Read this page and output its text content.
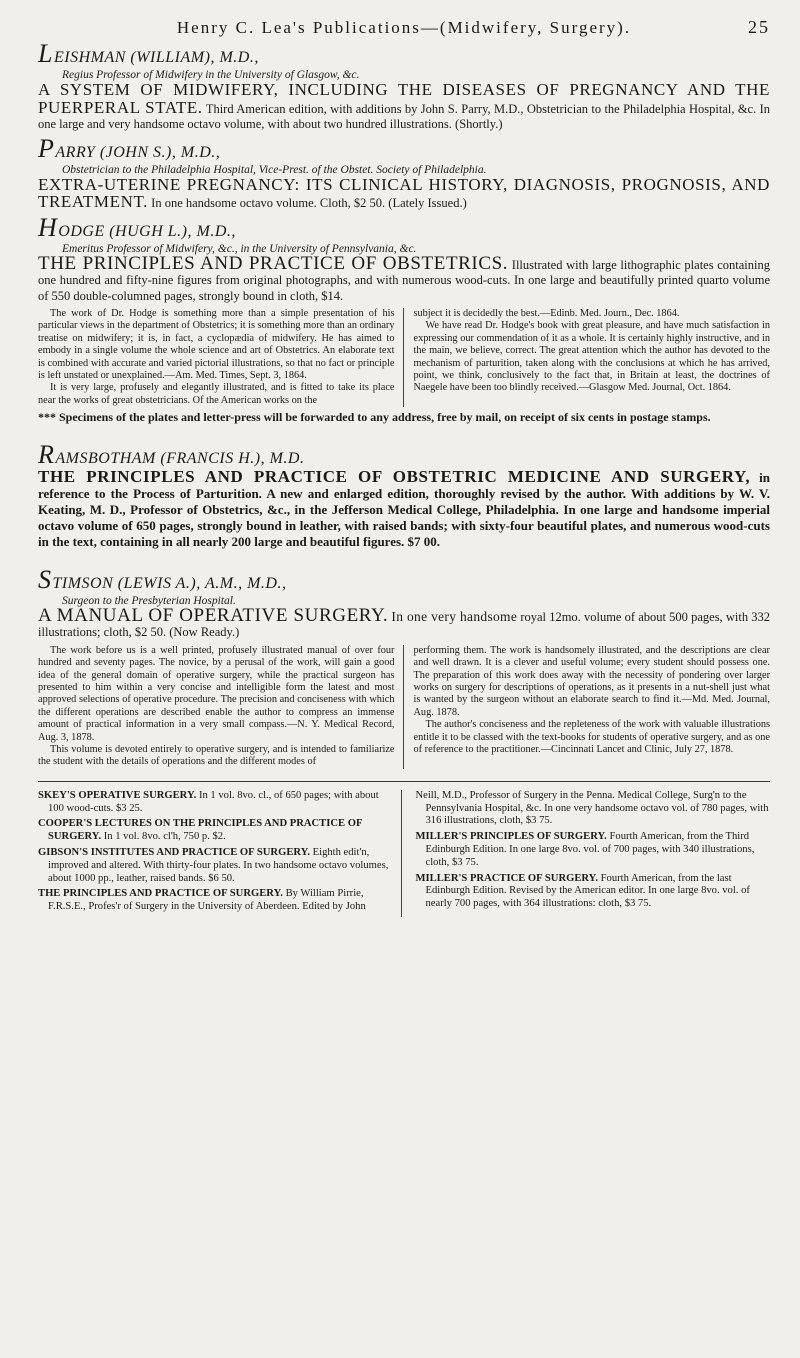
Henry C. Lea's Publications—(Midwifery, Surgery).	25
LEISHMAN (WILLIAM), M.D.,
Regius Professor of Midwifery in the University of Glasgow, &c.
A SYSTEM OF MIDWIFERY, INCLUDING THE DISEASES OF PREGNANCY AND THE PUERPERAL STATE. Third American edition, with additions by John S. Parry, M.D., Obstetrician to the Philadelphia Hospital, &c. In one large and very handsome octavo volume, with about two hundred illustrations. (Shortly.)
PARRY (JOHN S.), M.D.,
Obstetrician to the Philadelphia Hospital, Vice-Prest. of the Obstet. Society of Philadelphia.
EXTRA-UTERINE PREGNANCY: ITS CLINICAL HISTORY, DIAGNOSIS, PROGNOSIS, AND TREATMENT. In one handsome octavo volume. Cloth, $2 50. (Lately Issued.)
HODGE (HUGH L.), M.D.,
Emeritus Professor of Midwifery, &c., in the University of Pennsylvania, &c.
THE PRINCIPLES AND PRACTICE OF OBSTETRICS. Illustrated with large lithographic plates containing one hundred and fifty-nine figures from original photographs, and with numerous wood-cuts. In one large and beautifully printed quarto volume of 550 double-columned pages, strongly bound in cloth, $14.

The work of Dr. Hodge is something more than a simple presentation of his particular views in the department of Obstetrics; it is something more than an ordinary treatise on midwifery; it is, in fact, a cyclopædia of midwifery. He has aimed to embody in a single volume the whole science and art of Obstetrics. An elaborate text is combined with accurate and varied pictorial illustrations, so that no fact or principle is left unstated or unexplained.—Am. Med. Times, Sept. 3, 1864.

It is very large, profusely and elegantly illustrated, and is fitted to take its place near the works of great obstetricians. Of the American works on the

subject it is decidedly the best.—Edinb. Med. Journ., Dec. 1864.

We have read Dr. Hodge's book with great pleasure, and have much satisfaction in expressing our commendation of it as a whole. It is certainly highly instructive, and in the main, we believe, correct. The great attention which the author has devoted to the mechanism of parturition, taken along with the conclusions at which he has arrived, point, we think, conclusively to the fact that, in Britain at least, the doctrines of Naegele have been too blindly received.—Glasgow Med. Journal, Oct. 1864.

*** Specimens of the plates and letter-press will be forwarded to any address, free by mail, on receipt of six cents in postage stamps.
RAMSBOTHAM (FRANCIS H.), M.D.
THE PRINCIPLES AND PRACTICE OF OBSTETRIC MEDICINE AND SURGERY, in reference to the Process of Parturition. A new and enlarged edition, thoroughly revised by the author. With additions by W. V. Keating, M. D., Professor of Obstetrics, &c., in the Jefferson Medical College, Philadelphia. In one large and handsome imperial octavo volume of 650 pages, strongly bound in leather, with raised bands; with sixty-four beautiful plates, and numerous wood-cuts in the text, containing in all nearly 200 large and beautiful figures. $7 00.
STIMSON (LEWIS A.), A.M., M.D.,
Surgeon to the Presbyterian Hospital.
A MANUAL OF OPERATIVE SURGERY. In one very handsome royal 12mo. volume of about 500 pages, with 332 illustrations; cloth, $2 50. (Now Ready.)

The work before us is a well printed, profusely illustrated manual of over four hundred and seventy pages. The novice, by a perusal of the work, will gain a good idea of the general domain of operative surgery, while the practical surgeon has presented to him within a very concise and intelligible form the latest and most approved selections of operative procedure. The precision and conciseness with which the different operations are described enable the author to compress an immense amount of practical information in a very small compass.—N. Y. Medical Record, Aug. 3, 1878.

This volume is devoted entirely to operative surgery, and is intended to familiarize the student with the details of operations and the different modes of

performing them. The work is handsomely illustrated, and the descriptions are clear and well drawn. It is a clever and useful volume; every student should possess one. The preparation of this work does away with the necessity of pondering over larger works on surgery for descriptions of operations, as it presents in a nut-shell just what is wanted by the surgeon without an elaborate search to find it.—Md. Med. Journal, Aug. 1878.

The author's conciseness and the repleteness of the work with valuable illustrations entitle it to be classed with the text-books for students of operative surgery, and as one of reference to the practitioner.—Cincinnati Lancet and Clinic, July 27, 1878.

SKEY'S OPERATIVE SURGERY. In 1 vol. 8vo. cl., of 650 pages; with about 100 wood-cuts. $3 25.

COOPER'S LECTURES ON THE PRINCIPLES AND PRACTICE OF SURGERY. In 1 vol. 8vo. cl'h, 750 p. $2.

GIBSON'S INSTITUTES AND PRACTICE OF SURGERY. Eighth edit'n, improved and altered. With thirty-four plates. In two handsome octavo volumes, about 1000 pp., leather, raised bands. $6 50.

THE PRINCIPLES AND PRACTICE OF SURGERY. By William Pirrie, F.R.S.E., Profes'r of Surgery in the University of Aberdeen. Edited by John

Neill, M.D., Professor of Surgery in the Penna. Medical College, Surg'n to the Pennsylvania Hospital, &c. In one very handsome octavo vol. of 780 pages, with 316 illustrations, cloth, $3 75.

MILLER'S PRINCIPLES OF SURGERY. Fourth American, from the Third Edinburgh Edition. In one large 8vo. vol. of 700 pages, with 340 illustrations, cloth, $3 75.

MILLER'S PRACTICE OF SURGERY. Fourth American, from the last Edinburgh Edition. Revised by the American editor. In one large 8vo. vol. of nearly 700 pages, with 364 illustrations: cloth, $3 75.
